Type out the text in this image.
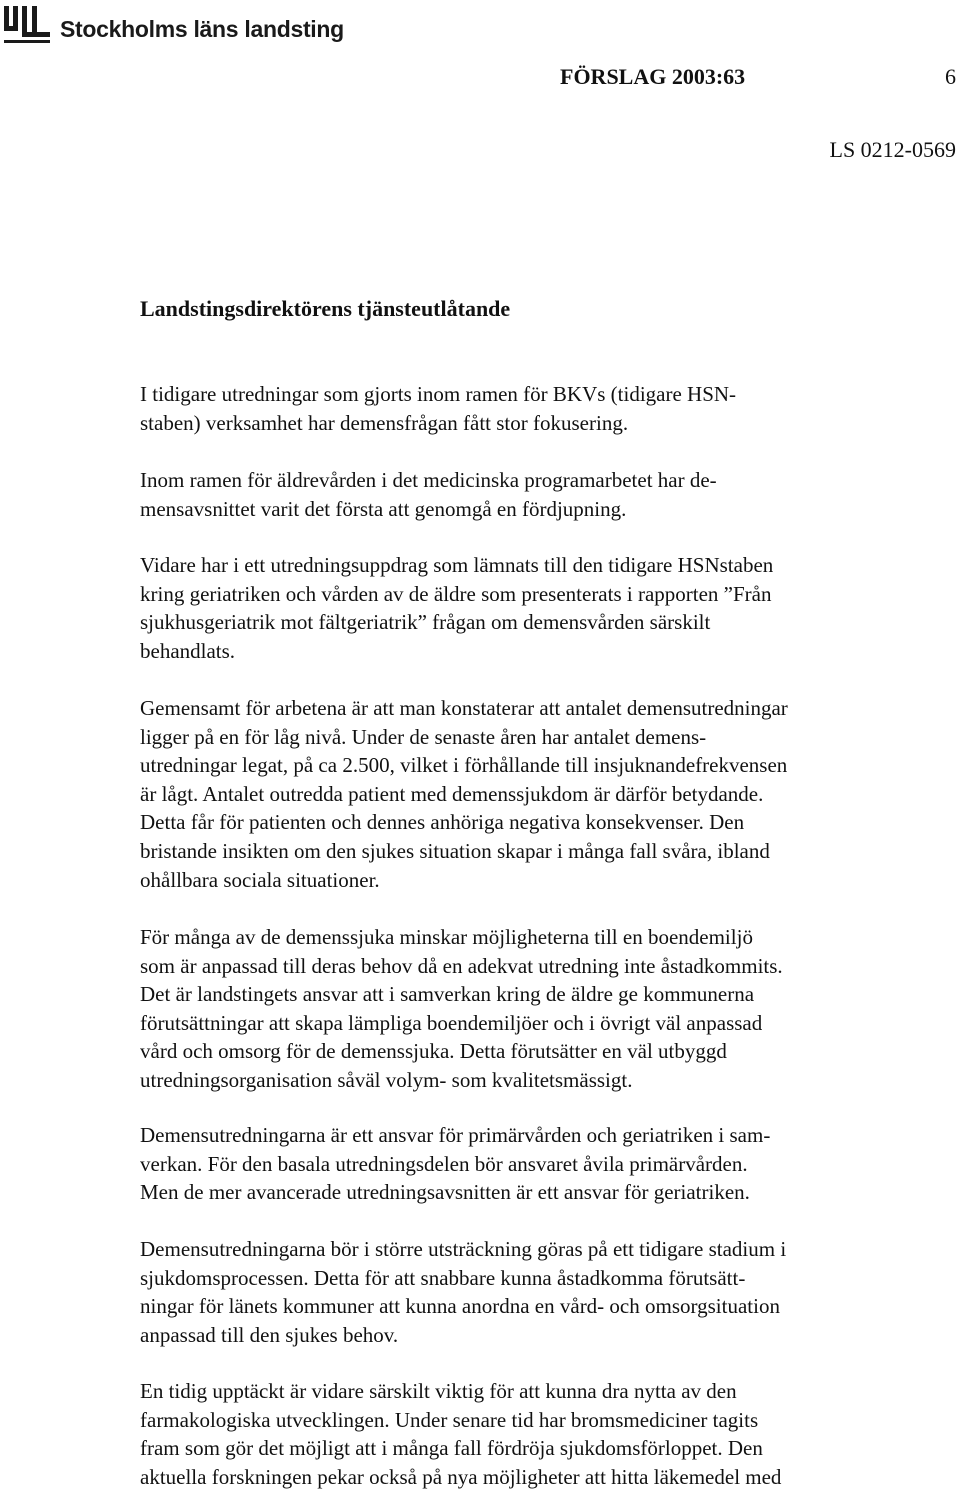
Stockholms läns landsting
FÖRSLAG 2003:63	6
LS 0212-0569
Landstingsdirektörens tjänsteutlåtande

I tidigare utredningar som gjorts inom ramen för BKVs (tidigare HSN-
staben) verksamhet har demensfrågan fått stor fokusering.

Inom ramen för äldrevården i det medicinska programarbetet har de-
mensavsnittet varit det första att genomgå en fördjupning.

Vidare har i ett utredningsuppdrag som lämnats till den tidigare HSNstaben
kring geriatriken och vården av de äldre som presenterats i rapporten ”Från
sjukhusgeriatrik mot fältgeriatrik” frågan om demensvården särskilt
behandlats.

Gemensamt för arbetena är att man konstaterar att antalet demensutredningar
ligger på en för låg nivå. Under de senaste åren har antalet demens-
utredningar legat, på ca 2.500, vilket i förhållande till insjuknandefrekvensen
är lågt. Antalet outredda patient med demenssjukdom är därför betydande.
Detta får för patienten och dennes anhöriga negativa konsekvenser. Den
bristande insikten om den sjukes situation skapar i många fall svåra, ibland
ohållbara sociala situationer.

För många av de demenssjuka minskar möjligheterna till en boendemiljö
som är anpassad till deras behov då en adekvat utredning inte åstadkommits.
Det är landstingets ansvar att i samverkan kring de äldre ge kommunerna
förutsättningar att skapa lämpliga boendemiljöer och i övrigt väl anpassad
vård och omsorg för de demenssjuka. Detta förutsätter en väl utbyggd
utredningsorganisation såväl volym- som kvalitetsmässigt.

Demensutredningarna är ett ansvar för primärvården och geriatriken i sam-
verkan. För den basala utredningsdelen bör ansvaret åvila primärvården.
Men de mer avancerade utredningsavsnitten är ett ansvar för geriatriken.

Demensutredningarna bör i större utsträckning göras på ett tidigare stadium i
sjukdomsprocessen. Detta för att snabbare kunna åstadkomma förutsätt-
ningar för länets kommuner att kunna anordna en vård- och omsorgsituation
anpassad till den sjukes behov.

En tidig upptäckt är vidare särskilt viktig för att kunna dra nytta av den
farmakologiska utvecklingen. Under senare tid har bromsmediciner tagits
fram som gör det möjligt att i många fall fördröja sjukdomsförloppet. Den
aktuella forskningen pekar också på nya möjligheter att hitta läkemedel med
